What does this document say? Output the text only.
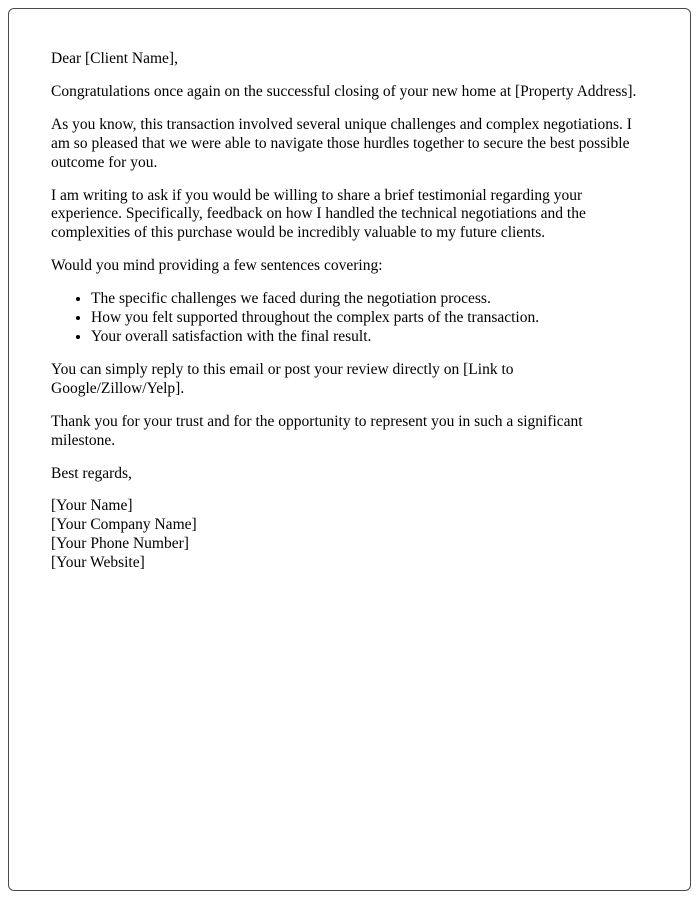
Dear [Client Name],

Congratulations once again on the successful closing of your new home at [Property Address].

As you know, this transaction involved several unique challenges and complex negotiations. I am so pleased that we were able to navigate those hurdles together to secure the best possible outcome for you.

I am writing to ask if you would be willing to share a brief testimonial regarding your experience. Specifically, feedback on how I handled the technical negotiations and the complexities of this purchase would be incredibly valuable to my future clients.

Would you mind providing a few sentences covering:

• The specific challenges we faced during the negotiation process.
• How you felt supported throughout the complex parts of the transaction.
• Your overall satisfaction with the final result.

You can simply reply to this email or post your review directly on [Link to Google/Zillow/Yelp].

Thank you for your trust and for the opportunity to represent you in such a significant milestone.

Best regards,

[Your Name]
[Your Company Name]
[Your Phone Number]
[Your Website]
